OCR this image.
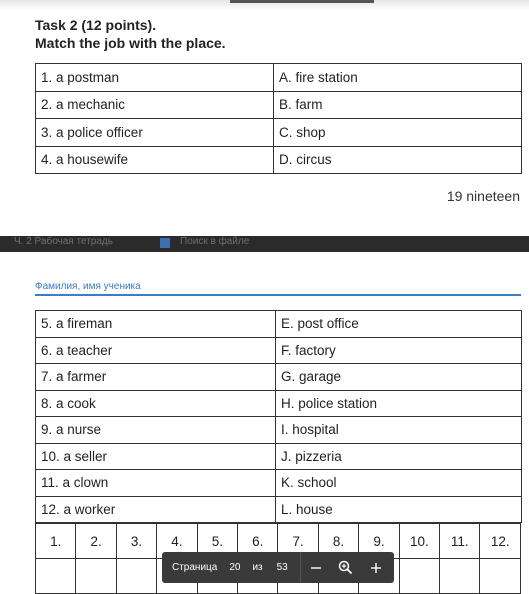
Task 2 (12 points).
Match the job with the place.
1. a postman	A. fire station
2. a mechanic	B. farm
3. a police officer	C. shop
4. a housewife	D. circus
19 nineteen
Ч. 2 Рабочая тетрадь	Поиск в файле
Фамилия, имя ученика
5. a fireman	E. post office
6. a teacher	F. factory
7. a farmer	G. garage
8. a cook	H. police station
9. a nurse	I. hospital
10. a seller	J. pizzeria
11. a clown	K. school
12. a worker	L. house
1.	2.	3.	4.	5.	6.	7.	8.	9.	10.	11.	12.

Страница 20 из 53
